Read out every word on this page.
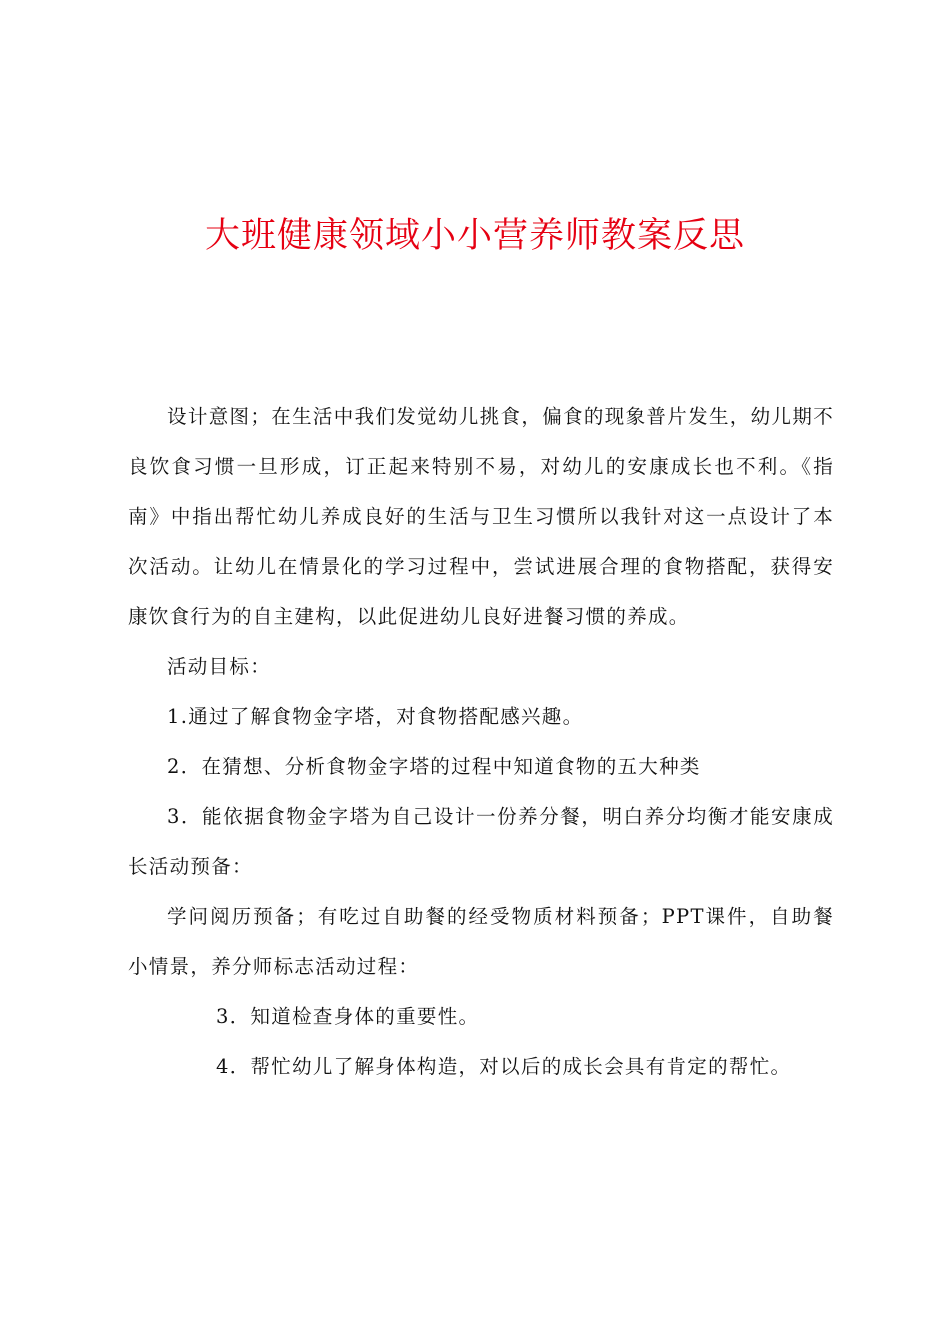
大班健康领域小小营养师教案反思

设计意图；在生活中我们发觉幼儿挑食，偏食的现象普片发生，幼儿期不良饮食习惯一旦形成，订正起来特别不易，对幼儿的安康成长也不利。《指南》中指出帮忙幼儿养成良好的生活与卫生习惯所以我针对这一点设计了本次活动。让幼儿在情景化的学习过程中，尝试进展合理的食物搭配，获得安康饮食行为的自主建构，以此促进幼儿良好进餐习惯的养成。

活动目标：

1.通过了解食物金字塔，对食物搭配感兴趣。

2．在猜想、分析食物金字塔的过程中知道食物的五大种类

3．能依据食物金字塔为自己设计一份养分餐，明白养分均衡才能安康成长活动预备：

学问阅历预备；有吃过自助餐的经受物质材料预备；PPT课件，自助餐小情景，养分师标志活动过程：

3．知道检查身体的重要性。

4．帮忙幼儿了解身体构造，对以后的成长会具有肯定的帮忙。
